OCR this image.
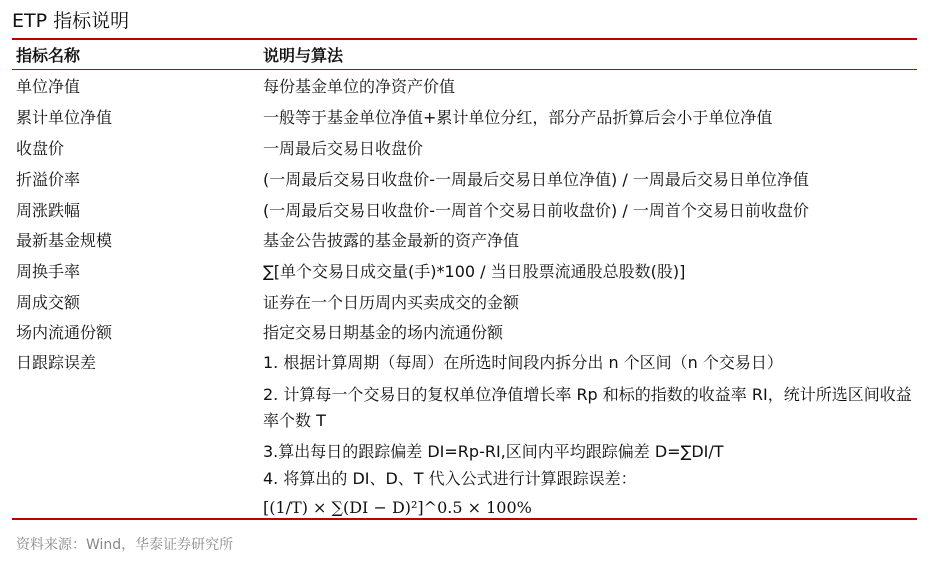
ETP 指标说明
指标名称	说明与算法
单位净值	每份基金单位的净资产价值
累计单位净值	一般等于基金单位净值+累计单位分红，部分产品折算后会小于单位净值
收盘价	一周最后交易日收盘价
折溢价率	(一周最后交易日收盘价-一周最后交易日单位净值) / 一周最后交易日单位净值
周涨跌幅	(一周最后交易日收盘价-一周首个交易日前收盘价) / 一周首个交易日前收盘价
最新基金规模	基金公告披露的基金最新的资产净值
周换手率	∑[单个交易日成交量(手)*100 / 当日股票流通股总股数(股)]
周成交额	证券在一个日历周内买卖成交的金额
场内流通份额	指定交易日期基金的场内流通份额
日跟踪误差	1. 根据计算周期（每周）在所选时间段内拆分出 n 个区间（n 个交易日）
2. 计算每一个交易日的复权单位净值增长率 Rp 和标的指数的收益率 RI，统计所选区间收益率个数 T
3.算出每日的跟踪偏差 DI=Rp-RI,区间内平均跟踪偏差 D=∑DI/T
4. 将算出的 DI、D、T 代入公式进行计算跟踪误差：
[(1/T) × ∑(DI − D)²]^0.5 × 100%
资料来源：Wind，华泰证券研究所
